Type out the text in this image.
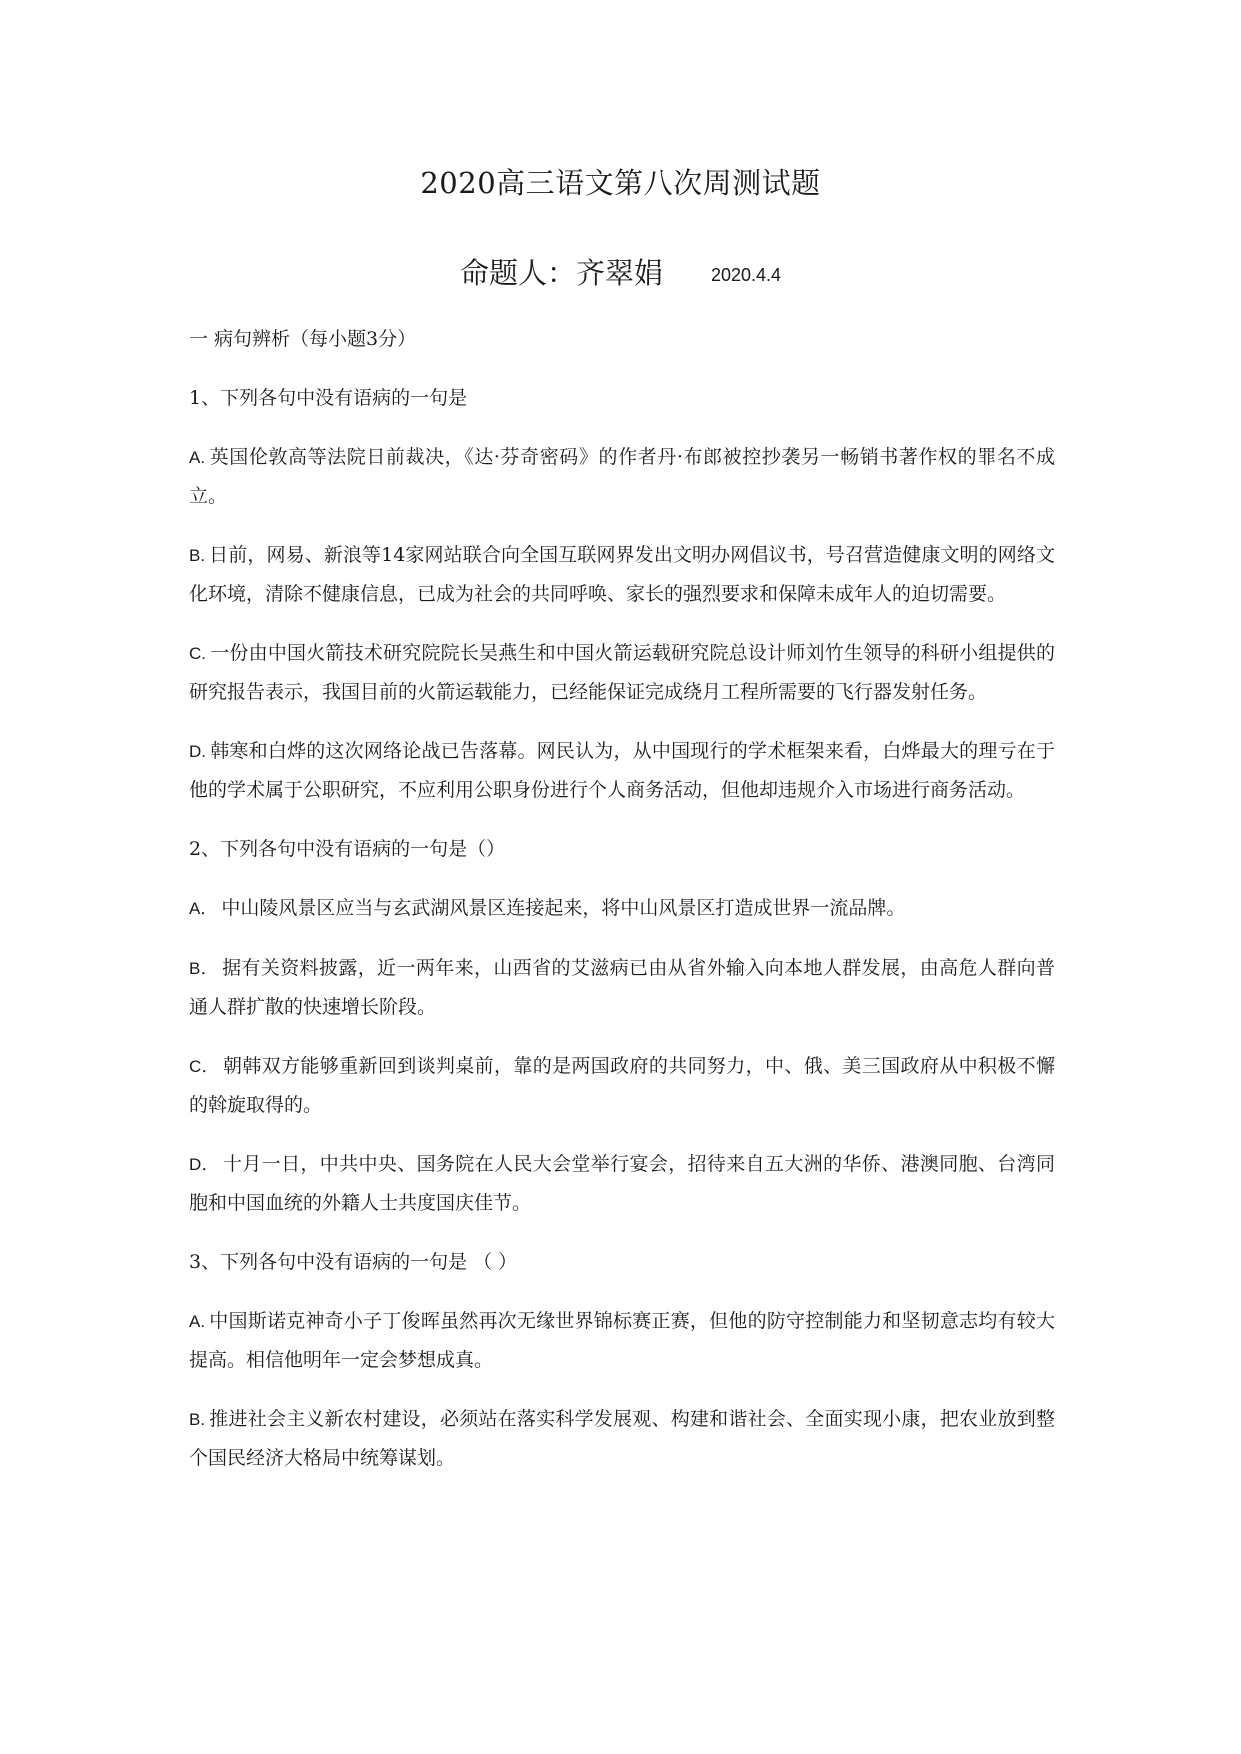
2020高三语文第八次周测试题
命题人：齐翠娟	2020.4.4

一 病句辨析（每小题3分）

1、下列各句中没有语病的一句是

A. 英国伦敦高等法院日前裁决，《达·芬奇密码》的作者丹·布郎被控抄袭另一畅销书著作权的罪名不成立。

B. 日前，网易、新浪等14家网站联合向全国互联网界发出文明办网倡议书，号召营造健康文明的网络文化环境，清除不健康信息，已成为社会的共同呼唤、家长的强烈要求和保障未成年人的迫切需要。

C. 一份由中国火箭技术研究院院长吴燕生和中国火箭运载研究院总设计师刘竹生领导的科研小组提供的研究报告表示，我国目前的火箭运载能力，已经能保证完成绕月工程所需要的飞行器发射任务。

D. 韩寒和白烨的这次网络论战已告落幕。网民认为，从中国现行的学术框架来看，白烨最大的理亏在于他的学术属于公职研究，不应利用公职身份进行个人商务活动，但他却违规介入市场进行商务活动。

2、下列各句中没有语病的一句是（）

A． 中山陵风景区应当与玄武湖风景区连接起来，将中山风景区打造成世界一流品牌。

B． 据有关资料披露，近一两年来，山西省的艾滋病已由从省外输入向本地人群发展，由高危人群向普通人群扩散的快速增长阶段。

C． 朝韩双方能够重新回到谈判桌前，靠的是两国政府的共同努力，中、俄、美三国政府从中积极不懈的斡旋取得的。

D． 十月一日，中共中央、国务院在人民大会堂举行宴会，招待来自五大洲的华侨、港澳同胞、台湾同胞和中国血统的外籍人士共度国庆佳节。

3、下列各句中没有语病的一句是 （ ）

A. 中国斯诺克神奇小子丁俊晖虽然再次无缘世界锦标赛正赛，但他的防守控制能力和坚韧意志均有较大提高。相信他明年一定会梦想成真。

B. 推进社会主义新农村建设，必须站在落实科学发展观、构建和谐社会、全面实现小康，把农业放到整个国民经济大格局中统筹谋划。
